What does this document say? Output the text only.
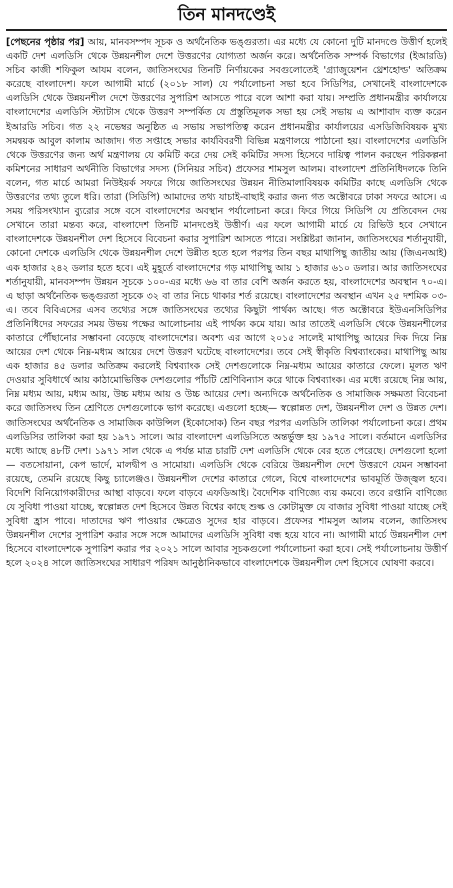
তিন মানদণ্ডেই

[পেছনের পৃষ্ঠার পর] আয়, মানবসম্পদ সূচক ও অর্থনৈতিক ভঙ্গুরতা। এর মধ্যে যে কোনো দুটি মানদণ্ডে উত্তীর্ণ হলেই একটি দেশ এলডিসি থেকে উন্নয়নশীল দেশে উত্তরণের যোগ্যতা অর্জন করে। অর্থনৈতিক সম্পর্ক বিভাগের (ইআরডি) সচিব কাজী শফিকুল আযম বলেন, জাতিসংঘের তিনটি নির্ণায়কের সবগুলোতেই 'গ্র্যাজুয়েশন থ্রেশহোল্ড' অতিক্রম করেছে বাংলাদেশ। ফলে আগামী মার্চে (২০১৮ সাল) যে পর্যালোচনা সভা হবে সিডিপির, সেখানেই বাংলাদেশকে এলডিসি থেকে উন্নয়নশীল দেশে উত্তরণের সুপারিশ আসতে পারে বলে আশা করা যায়। সম্প্রতি প্রধানমন্ত্রীর কার্যালয়ে বাংলাদেশের এলডিসি স্ট্যাটাস থেকে উত্তরণ সম্পর্কিত যে প্রস্তুতিমূলক সভা হয় সেই সভায় এ আশাবাদ ব্যক্ত করেন ইআরডি সচিব। গত ২২ নভেম্বর অনুষ্ঠিত এ সভায় সভাপতিত্ব করেন প্রধানমন্ত্রীর কার্যালয়ের এসডিজিবিষয়ক মুখ্য সমন্বয়ক আবুল কালাম আজাদ। গত সপ্তাহে সভার কার্যবিবরণী বিভিন্ন মন্ত্রণালয়ে পাঠানো হয়। বাংলাদেশের এলডিসি থেকে উত্তরণের জন্য অর্থ মন্ত্রণালয় যে কমিটি করে দেয় সেই কমিটির সদস্য হিসেবে দায়িত্ব পালন করছেন পরিকল্পনা কমিশনের সাধারণ অর্থনীতি বিভাগের সদস্য (সিনিয়র সচিব) প্রফেসর শামসুল আলম। বাংলাদেশ প্রতিনিধিদলকে তিনি বলেন, গত মার্চে আমরা নিউইয়র্ক সফরে গিয়ে জাতিসংঘের উন্নয়ন নীতিমালাবিষয়ক কমিটির কাছে এলডিসি থেকে উত্তরণের তথ্য তুলে ধরি। তারা (সিডিপি) আমাদের তথ্য যাচাই-বাছাই করার জন্য গত অক্টোবরে ঢাকা সফরে আসে। এ সময় পরিসংখ্যান ব্যুরোর সঙ্গে বসে বাংলাদেশের অবস্থান পর্যালোচনা করে। ফিরে গিয়ে সিডিপি যে প্রতিবেদন দেয় সেখানে তারা মন্তব্য করে, বাংলাদেশ তিনটি মানদণ্ডেই উত্তীর্ণ। এর ফলে আগামী মার্চে যে রিভিউ হবে সেখানে বাংলাদেশকে উন্নয়নশীল দেশ হিসেবে বিবেচনা করার সুপারিশ আসতে পারে। সংশ্লিষ্টরা জানান, জাতিসংঘের শর্তানুযায়ী, কোনো দেশকে এলডিসি থেকে উন্নয়নশীল দেশে উন্নীত হতে হলে পরপর তিন বছর মাথাপিছু জাতীয় আয় (জিএনআই) এক হাজার ২৪২ ডলার হতে হবে। এই মুহূর্তে বাংলাদেশের গড় মাথাপিছু আয় ১ হাজার ৬১০ ডলার। আর জাতিসংঘের শর্তানুযায়ী, মানবসম্পদ উন্নয়ন সূচকে ১০০-এর মধ্যে ৬৬ বা তার বেশি অর্জন করতে হয়, বাংলাদেশের অবস্থান ৭০-এ। এ ছাড়া অর্থনৈতিক ভঙ্গুরতা সূচকে ৩২ বা তার নিচে থাকার শর্ত রয়েছে। বাংলাদেশের অবস্থান এখন ২৫ দশমিক ০৩-এ। তবে বিবিএসের এসব তথ্যের সঙ্গে জাতিসংঘের তথ্যের কিছুটা পার্থক্য আছে। গত অক্টোবরে ইউএনসিডিপির প্রতিনিধিদের সফরের সময় উভয় পক্ষের আলোচনায় এই পার্থক্য কমে যায়। আর তাতেই এলডিসি থেকে উন্নয়নশীলের কাতারে পৌঁছানোর সম্ভাবনা বেড়েছে বাংলাদেশের। অবশ্য এর আগে ২০১৫ সালেই মাথাপিছু আয়ের দিক দিয়ে নিম্ন আয়ের দেশ থেকে নিম্ন-মধ্যম আয়ের দেশে উত্তরণ ঘটেছে বাংলাদেশের। তবে সেই স্বীকৃতি বিশ্বব্যাংকের। মাথাপিছু আয় এক হাজার ৪৫ ডলার অতিক্রম করলেই বিশ্বব্যাংক সেই দেশগুলোকে নিম্ন-মধ্যম আয়ের কাতারে ফেলে। মূলত ঋণ দেওয়ার সুবিধার্থে আয় কাঠামোভিত্তিক দেশগুলোর পাঁচটি শ্রেণিবিন্যাস করে থাকে বিশ্বব্যাংক। এর মধ্যে রয়েছে নিম্ন আয়, নিম্ন মধ্যম আয়, মধ্যম আয়, উচ্চ মধ্যম আয় ও উচ্চ আয়ের দেশ। অন্যদিকে অর্থনৈতিক ও সামাজিক সক্ষমতা বিবেচনা করে জাতিসংঘ তিন শ্রেণিতে দেশগুলোকে ভাগ করেছে। এগুলো হচ্ছে— স্বল্পোন্নত দেশ, উন্নয়নশীল দেশ ও উন্নত দেশ। জাতিসংঘের অর্থনৈতিক ও সামাজিক কাউন্সিল (ইকোসোক) তিন বছর পরপর এলডিসি তালিকা পর্যালোচনা করে। প্রথম এলডিসির তালিকা করা হয় ১৯৭১ সালে। আর বাংলাদেশ এলডিসিতে অন্তর্ভুক্ত হয় ১৯৭৫ সালে। বর্তমানে এলডিসির মধ্যে আছে ৪৮টি দেশ। ১৯৭১ সাল থেকে এ পর্যন্ত মাত্র চারটি দেশ এলডিসি থেকে বের হতে পেরেছে। দেশগুলো হলো— বতসোয়ানা, কেপ ভার্দে, মালদ্বীপ ও সামোয়া। এলডিসি থেকে বেরিয়ে উন্নয়নশীল দেশে উত্তরণে যেমন সম্ভাবনা রয়েছে, তেমনি রয়েছে কিছু চ্যালেঞ্জও। উন্নয়নশীল দেশের কাতারে গেলে, বিশ্বে বাংলাদেশের ভাবমূর্তি উজ্জ্বল হবে। বিদেশি বিনিয়োগকারীদের আস্থা বাড়বে। ফলে বাড়বে এফডিআই। বৈদেশিক বাণিজ্যে ব্যয় কমবে। তবে রপ্তানি বাণিজ্যে যে সুবিধা পাওয়া যাচ্ছে, স্বল্পোন্নত দেশ হিসেবে উন্নত বিশ্বের কাছে শুল্ক ও কোটামুক্ত যে বাজার সুবিধা পাওয়া যাচ্ছে সেই সুবিধা হ্রাস পাবে। দাতাদের ঋণ পাওয়ার ক্ষেত্রেও সুদের হার বাড়বে। প্রফেসর শামসুল আলম বলেন, জাতিসংঘ উন্নয়নশীল দেশের সুপারিশ করার সঙ্গে সঙ্গে আমাদের এলডিসি সুবিধা বন্ধ হয়ে যাবে না। আগামী মার্চে উন্নয়নশীল দেশ হিসেবে বাংলাদেশকে সুপারিশ করার পর ২০২১ সালে আবার সূচকগুলো পর্যালোচনা করা হবে। সেই পর্যালোচনায় উত্তীর্ণ হলে ২০২৪ সালে জাতিসংঘের সাধারণ পরিষদ আনুষ্ঠানিকভাবে বাংলাদেশকে উন্নয়নশীল দেশ হিসেবে ঘোষণা করবে।
